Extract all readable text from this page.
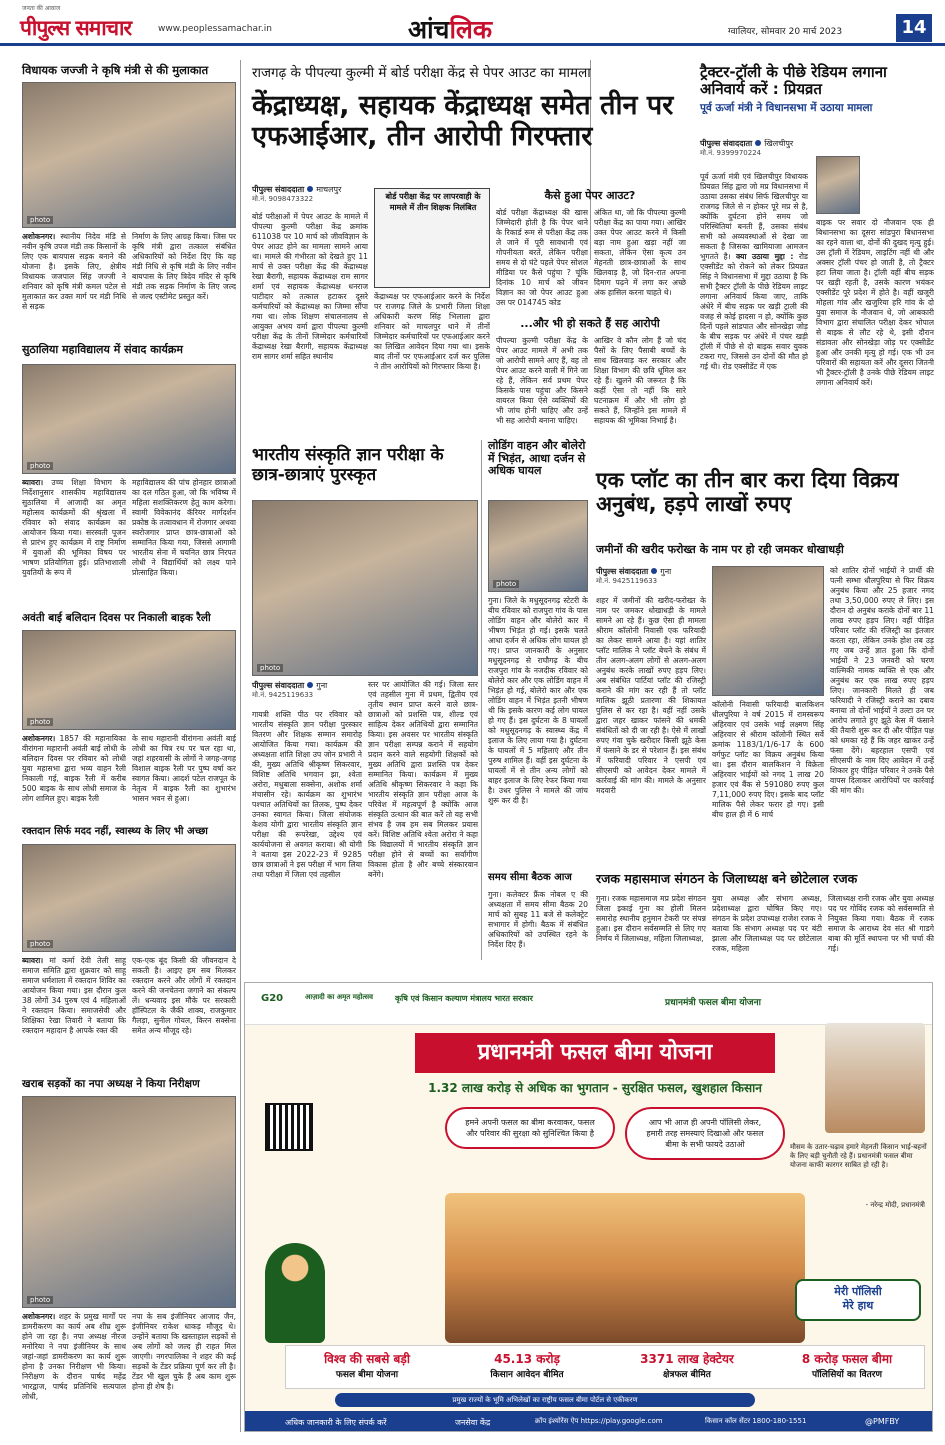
जनता की आवाज
पीपुल्स समाचार	www.peoplessamachar.in	आंचलिक	ग्वालियर, सोमवार 20 मार्च 2023	14
विधायक जज्जी ने कृषि मंत्री से की मुलाकात
photo
अशोकनगर। स्थानीय निदेव मंडि से नवीन कृषि उपज मंडी तक किसानों के लिए एक बायपास सड़क बनाने की योजना है। इसके लिए, क्षेत्रीय विधायक जजपाल सिंह जज्जी ने शनिवार को कृषि मंत्री कमल पटेल से मुलाकात कर उक्त मार्ग पर मंडी निधि से सड़क
निर्माण के लिए आग्रह किया। जिस पर कृषि मंत्री द्वारा तत्काल संबंधित अधिकारियों को निर्देश दिए कि वह मंडी निधि से कृषि मंडी के लिए नवीन बायपास के लिए त्रिदेव मंदिर से कृषि मंडी तक सड़क निर्माण के लिए जल्द से जल्द एस्टीमेट प्रस्तुत करें।
सुठालिया महाविद्यालय में संवाद कार्यक्रम
photo
ब्यावरा। उच्च शिक्षा विभाग के निर्देशानुसार शासकीय महाविद्यालय सुठालिया में आजादी का अमृत महोत्सव कार्यक्रमों की श्रृंखला में रविवार को संवाद कार्यक्रम का आयोजन किया गया। सरस्वती पूजन से प्रारंभ हुए कार्यक्रम में राष्ट्र निर्माण में युवाओं की भूमिका विषय पर भाषण प्रतियोगिता हुई। प्रतिभाशाली युवतियों के रूप में
महाविद्यालय की पांच होनहार छात्राओं का दल गठित हुआ, जो कि भविष्य में महिला सशक्तिकरण हेतु काम करेगा। स्वामी विवेकानंद कॅरियर मार्गदर्शन प्रकोष्ठ के तत्वावधान में रोजगार अथवा स्वरोजगार प्राप्त छात्र-छात्राओं को सम्मानित किया गया, जिससे आगामी भारतीय सेना में चयनित छात्र निरपत लोधी ने विद्यार्थियों को लक्ष्य पाने प्रोत्साहित किया।
अवंती बाई बलिदान दिवस पर निकाली बाइक रैली
photo
अशोकनगर। 1857 की महानायिका वीरांगना महारानी अवंती बाई लोधी के बलिदान दिवस पर रविवार को लोधी युवा महासभा द्वारा भव्य वाहन रैली निकाली गई, बाइक रैली में करीब 500 बाइक के साथ लोधी समाज के लोग शामिल हुए। बाइक रैली
के साथ महारानी वीरांगना अवंती बाई लोधी का चित्र रथ पर चल रहा था, जहां शहरवासी के लोगों ने जगह-जगह विशाल बाइक रैली पर पुष्प वर्षा कर स्वागत किया। आदर्श पटेल राजपूत के नेतृत्व में बाइक रैली का शुभारंभ भासन भवन से हुआ।
रक्तदान सिर्फ मदद नहीं, स्वास्थ्य के लिए भी अच्छा
photo
ब्यावरा। मां कर्मा देवी तेली साहू समाज समिति द्वारा शुक्रवार को साहू समाज धर्मशाला में रक्तदान शिविर का आयोजन किया गया। इस दौरान कुल 38 लोगों 34 पुरुष एवं 4 महिलाओं ने रक्तदान किया। समाजसेवी और शिक्षिका रेखा तिवारी ने बताया कि रक्तदान महादान है आपके रक्त की
एक-एक बूंद किसी की जीवनदान दे सकती है। आइए हम सब मिलकर रक्तदान करने और लोगों में रक्तदान करने की जनचेतना जगाने का संकल्प लें। धन्यवाद इस मौके पर सरकारी हॉस्पिटल के जैकी शाक्य, राजकुमार गैलड़ा, सुनील गोयल, किरन सक्सेना समेत अन्य मौजूद रहे।
खराब सड़कों का नपा अध्यक्ष ने किया निरीक्षण
photo
अशोकनगर। शहर के प्रमुख मार्गों पर डामरीकरण का कार्य अब शीघ्र शुरू होने जा रहा है। नपा अध्यक्ष नीरज मनोरिया ने नपा इंजीनियर के साथ जहां-जहां डामरीकरण का कार्य शुरू होना है उनका निरीक्षण भी किया। निरीक्षण के दौरान पार्षद महेंद्र भारद्वाज, पार्षद प्रतिनिधि सत्यपाल लोधी,
नपा के सब इंजीनियर आजाद जैन, इंजीनियर राकेश धाकड़ मौजूद थे। उन्होंने बताया कि खस्ताहाल सड़कों से अब लोगों को जल्द ही राहत मिल जाएगी। नगरपालिका ने शहर की कई सड़कों के टेंडर प्रक्रिया पूर्ण कर ली है। टेंडर भी खुल चुके हैं अब काम शुरू होना ही शेष है।
राजगढ़ के पीपल्या कुल्मी में बोर्ड परीक्षा केंद्र से पेपर आउट का मामला
केंद्राध्यक्ष, सहायक केंद्राध्यक्ष समेत तीन पर एफआईआर, तीन आरोपी गिरफ्तार
पीपुल्स संवाददाता माचलपुर
मो.नं. 9098473322
बोर्ड परीक्षाओं में पेपर आउट के मामले में पीपल्या कुल्मी परीक्षा केंद्र क्रमांक 611038 पर 10 मार्च को जीवविज्ञान के पेपर आउट होने का मामला सामने आया था। मामले की गंभीरता को देखते हुए 11 मार्च से उक्त परीक्षा केंद्र की केंद्राध्यक्ष रेखा बैरागी, सहायक केंद्राध्यक्ष राम सागर शर्मा एवं सहायक केंद्राध्यक्ष धनराज पाटीदार को तत्काल हटाकर दूसरे कर्मचारियों को केंद्राध्यक्ष का जिम्मा सौंपा गया था। लोक शिक्षण संचालनालय से आयुक्त अभय वर्मा द्वारा पीपल्या कुल्मी परीक्षा केंद्र के तीनों जिम्मेदार कर्मचारियों केंद्राध्यक्ष रेखा बैरागी, सहायक केंद्राध्यक्ष राम सागर शर्मा सहित स्थानीय
बोर्ड परीक्षा केंद्र पर लापरवाही के मामले में तीन शिक्षक निलंबित
केंद्राध्यक्ष पर एफआईआर करने के निर्देश पर राजगढ़ जिले के प्रभारी जिला शिक्षा अधिकारी करण सिंह भिलाला द्वारा शनिवार को माचलपुर थाने में तीनों जिम्मेदार कर्मचारियों पर एफआईआर करने का लिखित आवेदन दिया गया था। इसके बाद तीनों पर एफआईआर दर्ज कर पुलिस ने तीन आरोपियों को गिरफ्तार किया है।
कैसे हुआ पेपर आउट?
बोर्ड परीक्षा केंद्राध्यक्ष की खास जिम्मेदारी होती है कि पेपर थाने के रिकार्ड रूम से परीक्षा केंद्र तक ले जाने में पूरी सावधानी एवं गोपनीयता बरतें, लेकिन परीक्षा समय से दो घंटे पहले पेपर सोशल मीडिया पर कैसे पहुंचा ? चूंकि दिनांक 10 मार्च को जीवन विज्ञान का जो पेपर आउट हुआ उस पर 014745 कोड
अंकित था, जो कि पीपल्या कुल्मी परीक्षा केंद्र का पाया गया। आखिर उक्त पेपर आउट करने में किसी बड़ा नाम हुआ खड़ा नहीं जा सकता, लेकिन ऐसा कृत्य उन मेहनती छात्र-छात्राओं के साथ खिलवाड़ है, जो दिन-रात अपना दिमाग पढ़ने में लगा कर अच्छे अंक हासिल करना चाहते थे।
...और भी हो सकते हैं सह आरोपी
पीपल्या कुल्मी परीक्षा केंद्र के पेपर आउट मामले में अभी तक जो आरोपी सामने आए हैं, वह तो पेपर आउट करने वाली में गिने जा रहे हैं, लेकिन सर्व प्रथम पेपर किसके पास पहुंचा और किसने वायरल किया ऐसे व्यक्तियों की भी जांच होनी चाहिए और उन्हें भी सह आरोपी बनाना चाहिए।
आखिर वे कौन लोग हैं जो चंद पैसों के लिए पैसाबी बच्चों के साथ खिलवाड़ कर सरकार और शिक्षा विभाग की छवि धूमिल कर रहे हैं। खुलने की जरूरत है कि कहीं ऐसा तो नहीं कि सारे घटनाक्रम में और भी लोग हो सकते हैं, जिन्होंने इस मामले में सहायक की भूमिका निभाई है।
ट्रैक्टर-ट्रॉली के पीछे रेडियम लगाना अनिवार्य करें : प्रियव्रत
पूर्व ऊर्जा मंत्री ने विधानसभा में उठाया मामला
पीपुल्स संवाददाता खिलचीपुर
मो.नं. 9399970224
पूर्व ऊर्जा मंत्री एवं खिलचीपुर विधायक प्रियव्रत सिंह द्वारा जो मप्र विधानसभा में उठाया उसका संबंध सिर्फ खिलचीपुर या राजगढ़ जिले से न होकर पूरे मप्र से है, क्योंकि दुर्घटना होने समय जो परिस्थितियां बनती हैं, उसका संबंध सभी को अव्यवस्थाओं से देखा जा सकता है जिसका खामियाजा आमजन भुगतते है। क्या उठाया मुद्दा : रोड एक्सीडेंट को रोकने को लेकर प्रियव्रत सिंह ने विधानसभा में मुद्दा उठाया है कि सभी ट्रैक्टर ट्रॉली के पीछे रेडियम लाइट लगाना अनिवार्य किया जाए, ताकि अंधेरे में बीच सड़क पर खड़ी ट्राली की वजह से कोई हादसा न हो, क्योंकि कुछ दिनों पहले सांडपात और सोनखेड़ा जोड़ के बीच सड़क पर अंधेरे में पंचर खड़ी ट्रॉली में पीछे से दो बाइक सवार युवक टकरा गए, जिससे उन दोनों की मौत हो गई थी। रोड एक्सीडेंट में एक
बाइक पर सवार दो नौजवान एक ही बिधानसभा का दूसरा सांडपुरा बिधानसभा का रहने वाला था, दोनों की दुखद मृत्यु हुई। उस ट्रॉली में रेडियम, लाइटिंग नहीं थी और अक्सर ट्रॉली पंचर हो जाती है, तो ट्रैक्टर हटा लिया जाता है। ट्रॉली वहीं बीच सड़क पर खड़ी रहती है, उसके कारण भयंकर एक्सीडेंट पूरे प्रदेश में होते है। वहीं खजूरी मोहला गांव और खजुरिया हरि गांव के दो युवा समाज के नौजवान थे, जो आबकारी विभाग द्वारा संचालित परीक्षा देकर भोपाल से बाइक से लौट रहे थे, इसी दौरान संडावता और सोनखेड़ा जोड़ पर एक्सीडेंट हुआ और उनकी मृत्यु हो गई। एक भी उन परिवारों की सहायता करें और दूसरा जितनी भी ट्रैक्टर-ट्रॉली है उनके पीछे रेडियम लाइट लगाना अनिवार्य करें।
भारतीय संस्कृति ज्ञान परीक्षा के छात्र-छात्राएं पुरस्कृत
photo
पीपुल्स संवाददाता गुना
मो.नं. 9425119633
गायत्री शक्ति पीठ पर रविवार को भारतीय संस्कृति ज्ञान परीक्षा पुरस्कार वितरण और शिक्षक सम्मान समारोह आयोजित किया गया। कार्यक्रम की अध्यक्षता शांति शिक्षा उप जोन प्रभारी ने की, मुख्य अतिथि श्रीकृष्ण सिकरवार, विशिष्ट अतिथि भगवान झा, श्वेता अरोरा, मधुबाला सक्सेना, अशोक शर्मा मंचासीन रहे। कार्यक्रम का शुभारंभ पश्चात अतिथियों का तिलक, पुष्प देकर उनका स्वागत किया। जिला संयोजक केशव योगी द्वारा भारतीय संस्कृति ज्ञान परीक्षा की रूपरेखा, उद्देश्य एवं कार्ययोजना से अवगत कराया। श्री योगी ने बताया इस 2022-23 में 9285 छात्र छात्राओं ने इस परीक्षा में भाग लिया तथा परीक्षा में जिला एवं तहसील
स्तर पर आयोजित की गई। जिला स्तर एवं तहसील गुना में प्रथम, द्वितीय एवं तृतीय स्थान प्राप्त करने वाले छात्र-छात्राओं को प्रशस्ति पत्र, शील्ड एवं साहित्य देकर अतिथियों द्वारा सम्मानित किया। इस अवसर पर भारतीय संस्कृति ज्ञान परीक्षा सम्पन्न कराने में सहयोग प्रदान करने वाले सहयोगी शिक्षकों को मुख्य अतिथि द्वारा प्रशस्ति पत्र देकर सम्मानित किया। कार्यक्रम में मुख्य अतिथि श्रीकृष्ण सिकरवार ने कहा कि भारतीय संस्कृति ज्ञान परीक्षा आज के परिवेश में महत्वपूर्ण है क्योंकि आज संस्कृति उत्थान की बात करें तो यह सभी संभव है जब हम सब मिलकर प्रयास करें। विशिष्ट अतिथि श्वेता अरोरा ने कहा कि विद्यालयों में भारतीय संस्कृति ज्ञान परीक्षा होने से बच्चों का सर्वांगीण विकास होता है और बच्चे संस्कारवान बनेंगे।
लोडिंग वाहन और बोलेरो में भिड़ंत, आधा दर्जन से अधिक घायल
photo
गुना। जिले के मधुसूदनगढ़ स्टेटरी के बीच रविवार को राजपुरा गांव के पास लोडिंग वाहन और बोलेरो कार में भीषण भिड़ंत हो गई। इसके चलते आधा दर्जन से अधिक लोग घायल हो गए। प्राप्त जानकारी के अनुसार मधुसूदनगढ़ से राघौगढ़ के बीच राजपुरा गांव के नजदीक रविवार को बोलेरो कार और एक लोडिंग वाहन में भिड़ंत हो गई, बोलेरो कार और एक लोडिंग वाहन में भिड़ंत इतनी भीषण थी कि इसके कारण कई लोग घायल हो गए हैं। इस दुर्घटना के 8 घायलों को मधुसूदनगढ़ के स्वास्थ्य केंद्र में इलाज के लिए लाया गया है। दुर्घटना के घायलों में 5 महिलाएं और तीन पुरुष शामिल हैं। वहीं इस दुर्घटना के घायलों में से तीन अन्य लोगों को बाहर इलाज के लिए रेफर किया गया है। उधर पुलिस ने मामले की जांच शुरू कर दी है।
समय सीमा बैठक आज
गुना। कलेक्टर फ्रैंक नोबल ए की अध्यक्षता में समय सीमा बैठक 20 मार्च को सुबह 11 बजे से कलेक्ट्रेट सभागार में होगी। बैठक में संबंधित अधिकारियों को उपस्थित रहने के निर्देश दिए हैं।
एक प्लॉट का तीन बार करा दिया विक्रय अनुबंध, हड़पे लाखों रुपए
जमीनों की खरीद फरोख्त के नाम पर हो रही जमकर धोखाधड़ी
पीपुल्स संवाददाता गुना
मो.नं. 9425119633
शहर में जमीनों की खरीद-फरोख्त के नाम पर जमकर धोखाधड़ी के मामले सामने आ रहे हैं। कुछ ऐसा ही मामला श्रीराम कॉलोनी निवासी एक फरियादी का लेकर सामने आया है। यहां शातिर प्लॉट मालिक ने प्लॉट बेचने के संबंध में तीन अलग-अलग लोगों से अलग-अलग अनुबंध करके लाखों रुपए हड़प लिए। अब संबंधित पार्टियां प्लॉट की रजिस्ट्री कराने की मांग कर रही हैं तो प्लॉट मालिक झूठी प्रतारणा की शिकायत पुलिस से कर रहा है। वहीं नहीं उसके द्वारा जहर खाकर फांसने की धमकी संबंधितों को दी जा रही है। ऐसे में लाखों रुपए गंवा चुके खरीदार किसी झूठे केस में फंसाने के डर से परेशान हैं। इस संबंध में फरियादी परिवार ने एसपी एवं सीएसपी को आवेदन देकर मामले में कार्रवाई की मांग की। मामले के अनुसार मदवारी
कॉलोनी निवासी फरियादी बालकिशन धीलपुरिया ने वर्ष 2015 में रामस्वरूप अहिरवार एवं उसके भाई लक्ष्मण सिंह अहिरवार से श्रीराम कॉलोनी स्थित सर्वे क्रमांक 1183/1/1/6-17 के 600 वर्गफुट प्लॉट का विक्रय अनुबंध किया था। इस दौरान बालकिशन ने विक्रेता अहिरवार भाईयों को नगद 1 लाख 20 हजार एवं बैंक से 591080 रुपए कुल 7,11,000 रुपए दिए। इसके बाद प्लॉट मालिक पैसे लेकर फरार हो गए। इसी बीच हाल ही में 6 मार्च
को शातिर दोनों भाईयों ने प्रार्थी की पत्नी सम्भा धौलपुरिया से फिर विक्रय अनुबंध किया और 25 हजार नगद तथा 3,50,000 रुपए ले लिए। इस दौरान दो अनुबंध कराके दोनों बार 11 लाख रुपए हड़प लिए। वहीं पीड़ित परिवार प्लॉट की रजिस्ट्री का इंतजार करता रहा, लेकिन उनके होश तब उड़ गए जब उन्हें ज्ञात हुआ कि दोनों भाईयों ने 23 जनवरी को चरण वाल्मिकी नामक व्यक्ति से एक और अनुबंध कर एक लाख रुपए हड़प लिए। जानकारी मिलते ही जब फरियादी ने रजिस्ट्री कराने का दबाव बनाया तो दोनों भाईयों ने उल्टा उन पर आरोप लगाते हुए झूठे केस में फंसाने की तैयारी शुरू कर दी और पीड़ित पक्ष को धमका रहे हैं कि जहर खाकर उन्हें फंसा देंगे। बहरहाल एसपी एवं सीएसपी के नाम दिए आवेदन में उन्हें शिकार हुए पीड़ित परिवार ने उनके पैसे वापस दिलाकर आरोपियों पर कार्रवाई की मांग की।
रजक महासमाज संगठन के जिलाध्यक्ष बने छोटेलाल रजक
गुना। रजक महासमाज मप्र प्रदेश संगठन जिला इकाई गुना का होली मिलन समारोह स्थानीय हनुमान टेकरी पर संपन्न हुआ। इस दौरान सर्वसम्मति से लिए गए निर्णय में जिलाध्यक्ष, महिला जिलाध्यक्ष,
युवा अध्यक्ष और संभाग अध्यक्ष, प्रदेशाध्यक्ष द्वारा घोषित किए गए। संगठन के प्रदेश उपाध्यक्ष राजेश रजक ने बताया कि संभाग अध्यक्ष पद पर बंटी झाला और जिलाध्यक्ष पद पर छोटेलाल रजक, महिला
जिलाध्यक्ष रानी रजक और युवा अध्यक्ष पद पर गोविंद रजक को सर्वसम्मति से नियुक्त किया गया। बैठक में रजक समाज के आराध्य देव संत श्री गाडगे बाबा की मूर्ति स्थापना पर भी चर्चा की गई।
G20	आज़ादी का अमृत महोत्सव	कृषि एवं किसान कल्याण मंत्रालय भारत सरकार	प्रधानमंत्री फसल बीमा योजना
प्रधानमंत्री फसल बीमा योजना
1.32 लाख करोड़ से अधिक का भुगतान - सुरक्षित फसल, खुशहाल किसान
हमने अपनी फसल का बीमा करवाकर, फसल और परिवार की सुरक्षा को सुनिश्चित किया है
आप भी आज ही अपनी पॉलिसी लेकर, हमारी तरह समस्याएं दिखाओ और फसल बीमा के सभी फायदे उठाओ	मौसम के उतार-चढ़ाव हमारे मेहनती किसान भाई-बहनों के लिए बड़ी चुनौती रहे हैं। प्रधानमंत्री फसल बीमा योजना काफी कारगर साबित हो रही है।
- नरेन्द्र मोदी, प्रधानमंत्री
मेरी पॉलिसी
मेरे हाथ
विश्व की सबसे बड़ी
फसल बीमा योजना
45.13 करोड़
किसान आवेदन बीमित
3371 लाख हेक्टेयर
क्षेत्रफल बीमित
8 करोड़ फसल बीमा
पॉलिसियों का वितरण
प्रमुख राज्यों के भूमि अभिलेखों का राष्ट्रीय फसल बीमा पोर्टल से एकीकरण
अधिक जानकारी के लिए संपर्क करें	जनसेवा केंद्र	क्रॉप इंश्योरेंस ऐप https://play.google.com	किसान कॉल सेंटर 1800-180-1551	@PMFBY
